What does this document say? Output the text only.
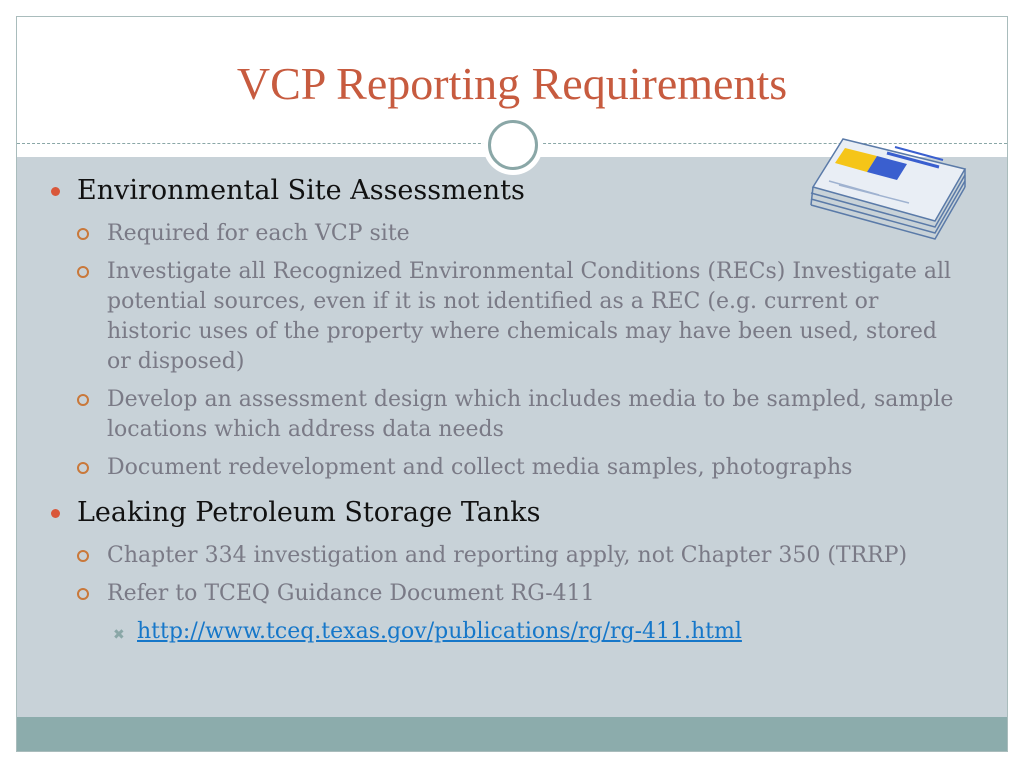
VCP Reporting Requirements
Environmental Site Assessments
Required for each VCP site
Investigate all Recognized Environmental Conditions (RECs) Investigate all potential sources, even if it is not identified as a REC (e.g. current or historic uses of the property where chemicals may have been used, stored or disposed)
Develop an assessment design which includes media to be sampled, sample locations which address data needs
Document redevelopment and collect media samples, photographs
Leaking Petroleum Storage Tanks
Chapter 334 investigation and reporting apply, not Chapter 350 (TRRP)
Refer to TCEQ Guidance Document RG-411
✖ http://www.tceq.texas.gov/publications/rg/rg-411.html
